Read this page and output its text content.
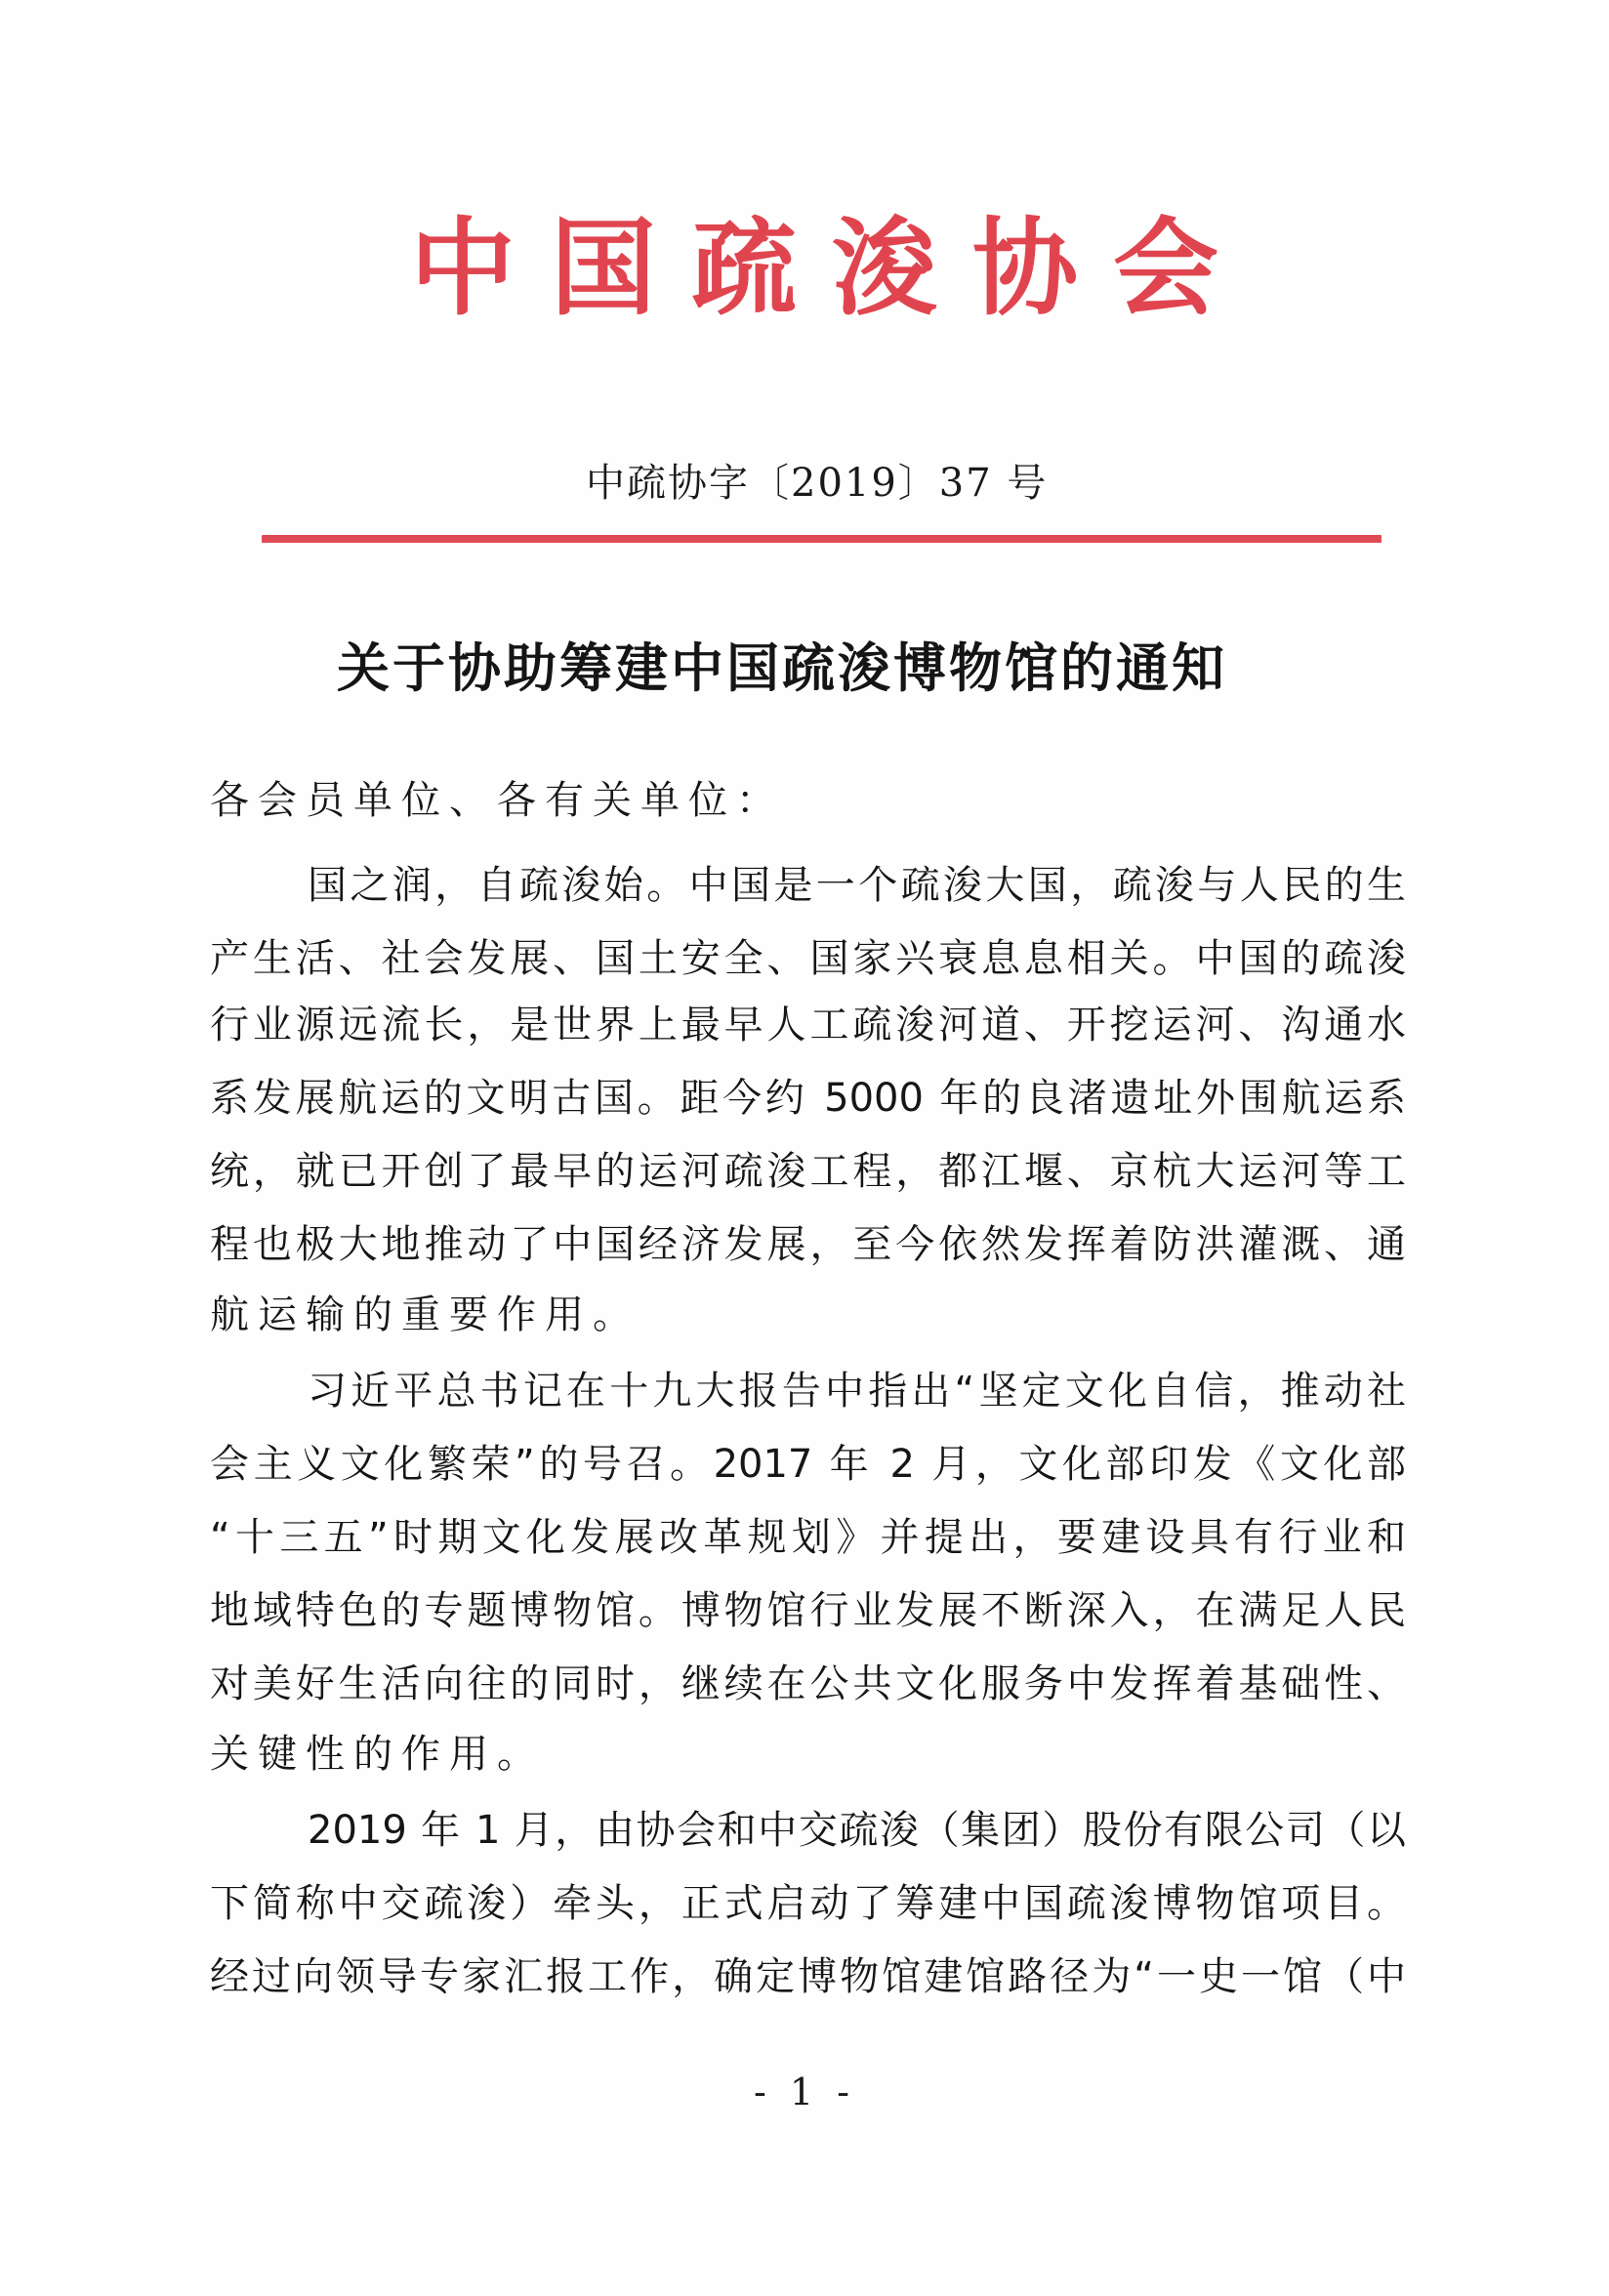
中国疏浚协会
中疏协字〔2019〕37 号
关于协助筹建中国疏浚博物馆的通知
各会员单位、各有关单位：
国之润，自疏浚始。中国是一个疏浚大国，疏浚与人民的生
产生活、社会发展、国土安全、国家兴衰息息相关。中国的疏浚
行业源远流长，是世界上最早人工疏浚河道、开挖运河、沟通水
系发展航运的文明古国。距今约 5000 年的良渚遗址外围航运系
统，就已开创了最早的运河疏浚工程，都江堰、京杭大运河等工
程也极大地推动了中国经济发展，至今依然发挥着防洪灌溉、通
航运输的重要作用。
习近平总书记在十九大报告中指出“坚定文化自信，推动社
会主义文化繁荣”的号召。2017 年 2 月，文化部印发《文化部
“十三五”时期文化发展改革规划》并提出，要建设具有行业和
地域特色的专题博物馆。博物馆行业发展不断深入，在满足人民
对美好生活向往的同时，继续在公共文化服务中发挥着基础性、
关键性的作用。
2019 年 1 月，由协会和中交疏浚（集团）股份有限公司（以
下简称中交疏浚）牵头，正式启动了筹建中国疏浚博物馆项目。
经过向领导专家汇报工作，确定博物馆建馆路径为“一史一馆（中
- 1 -
